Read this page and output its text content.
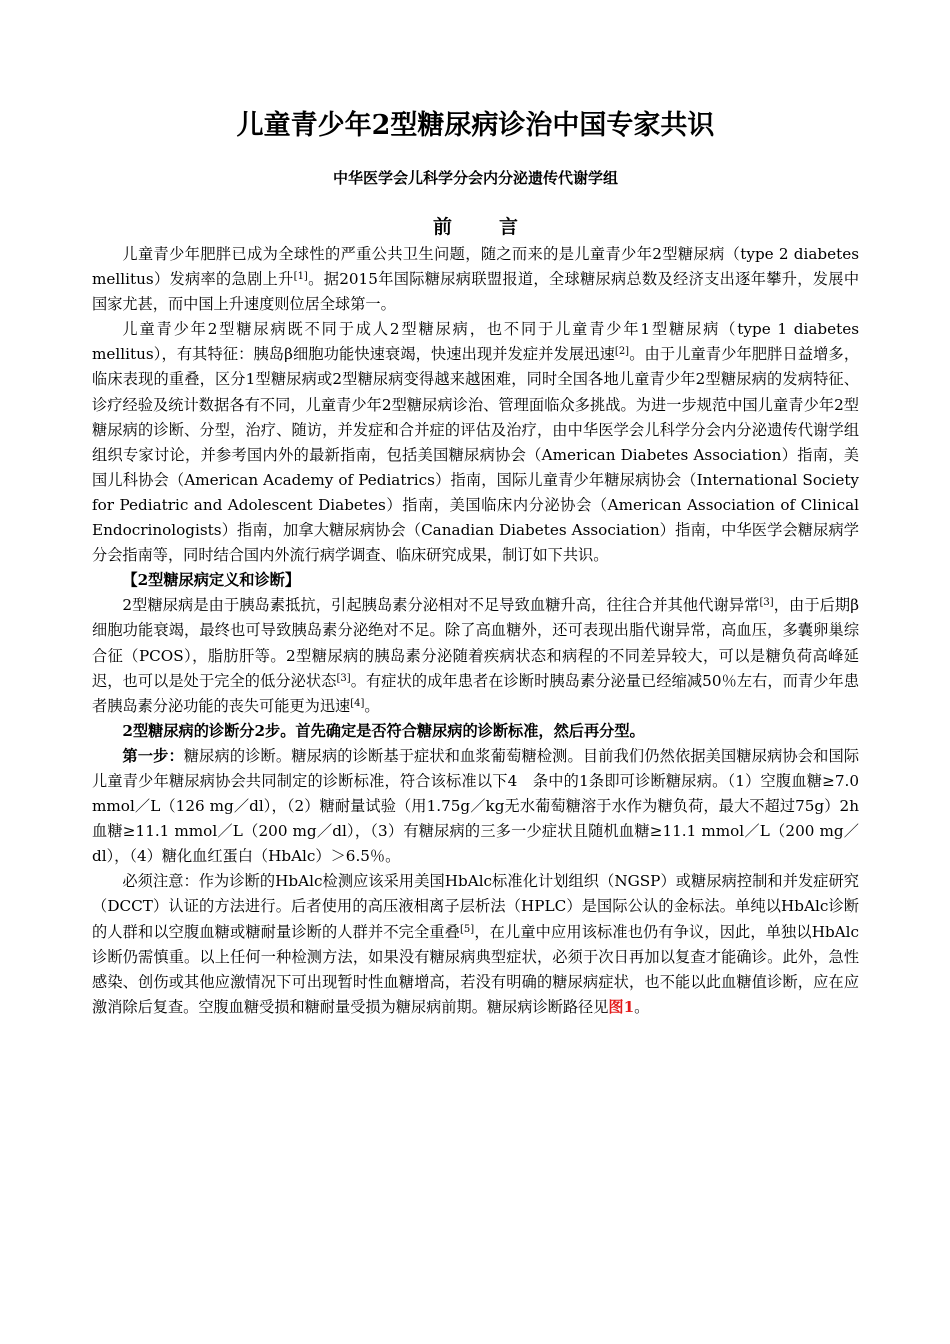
儿童青少年2型糖尿病诊治中国专家共识
中华医学会儿科学分会内分泌遗传代谢学组
前　言

儿童青少年肥胖已成为全球性的严重公共卫生问题，随之而来的是儿童青少年2型糖尿病（type 2 diabetes mellitus）发病率的急剧上升[1]。据2015年国际糖尿病联盟报道，全球糖尿病总数及经济支出逐年攀升，发展中国家尤甚，而中国上升速度则位居全球第一。

儿童青少年2型糖尿病既不同于成人2型糖尿病，也不同于儿童青少年1型糖尿病（type 1 diabetes mellitus），有其特征：胰岛β细胞功能快速衰竭，快速出现并发症并发展迅速[2]。由于儿童青少年肥胖日益增多，临床表现的重叠，区分1型糖尿病或2型糖尿病变得越来越困难，同时全国各地儿童青少年2型糖尿病的发病特征、诊疗经验及统计数据各有不同，儿童青少年2型糖尿病诊治、管理面临众多挑战。为进一步规范中国儿童青少年2型糖尿病的诊断、分型，治疗、随访，并发症和合并症的评估及治疗，由中华医学会儿科学分会内分泌遗传代谢学组组织专家讨论，并参考国内外的最新指南，包括美国糖尿病协会（American Diabetes Association）指南，美国儿科协会（American Academy of Pediatrics）指南，国际儿童青少年糖尿病协会（International Society for Pediatric and Adolescent Diabetes）指南，美国临床内分泌协会（American Association of Clinical Endocrinologists）指南，加拿大糖尿病协会（Canadian Diabetes Association）指南，中华医学会糖尿病学分会指南等，同时结合国内外流行病学调查、临床研究成果，制订如下共识。

【2型糖尿病定义和诊断】

2型糖尿病是由于胰岛素抵抗，引起胰岛素分泌相对不足导致血糖升高，往往合并其他代谢异常[3]，由于后期β细胞功能衰竭，最终也可导致胰岛素分泌绝对不足。除了高血糖外，还可表现出脂代谢异常，高血压，多囊卵巢综合征（PCOS），脂肪肝等。2型糖尿病的胰岛素分泌随着疾病状态和病程的不同差异较大，可以是糖负荷高峰延迟，也可以是处于完全的低分泌状态[3]。有症状的成年患者在诊断时胰岛素分泌量已经缩减50％左右，而青少年患者胰岛素分泌功能的丧失可能更为迅速[4]。

2型糖尿病的诊断分2步。首先确定是否符合糖尿病的诊断标准，然后再分型。

第一步：糖尿病的诊断。糖尿病的诊断基于症状和血浆葡萄糖检测。目前我们仍然依据美国糖尿病协会和国际儿童青少年糖尿病协会共同制定的诊断标准，符合该标准以下4　条中的1条即可诊断糖尿病。（1）空腹血糖≥7.0 mmol／L（126 mg／dl），（2）糖耐量试验（用1.75g／kg无水葡萄糖溶于水作为糖负荷，最大不超过75g）2h血糖≥11.1 mmol／L（200 mg／dl），（3）有糖尿病的三多一少症状且随机血糖≥11.1 mmol／L（200 mg／dl），（4）糖化血红蛋白（HbAlc）＞6.5％。

必须注意：作为诊断的HbAlc检测应该采用美国HbAlc标准化计划组织（NGSP）或糖尿病控制和并发症研究（DCCT）认证的方法进行。后者使用的高压液相离子层析法（HPLC）是国际公认的金标法。单纯以HbAlc诊断的人群和以空腹血糖或糖耐量诊断的人群并不完全重叠[5]，在儿童中应用该标准也仍有争议，因此，单独以HbAlc诊断仍需慎重。以上任何一种检测方法，如果没有糖尿病典型症状，必须于次日再加以复查才能确诊。此外，急性感染、创伤或其他应激情况下可出现暂时性血糖增高，若没有明确的糖尿病症状，也不能以此血糖值诊断，应在应激消除后复查。空腹血糖受损和糖耐量受损为糖尿病前期。糖尿病诊断路径见图1。
